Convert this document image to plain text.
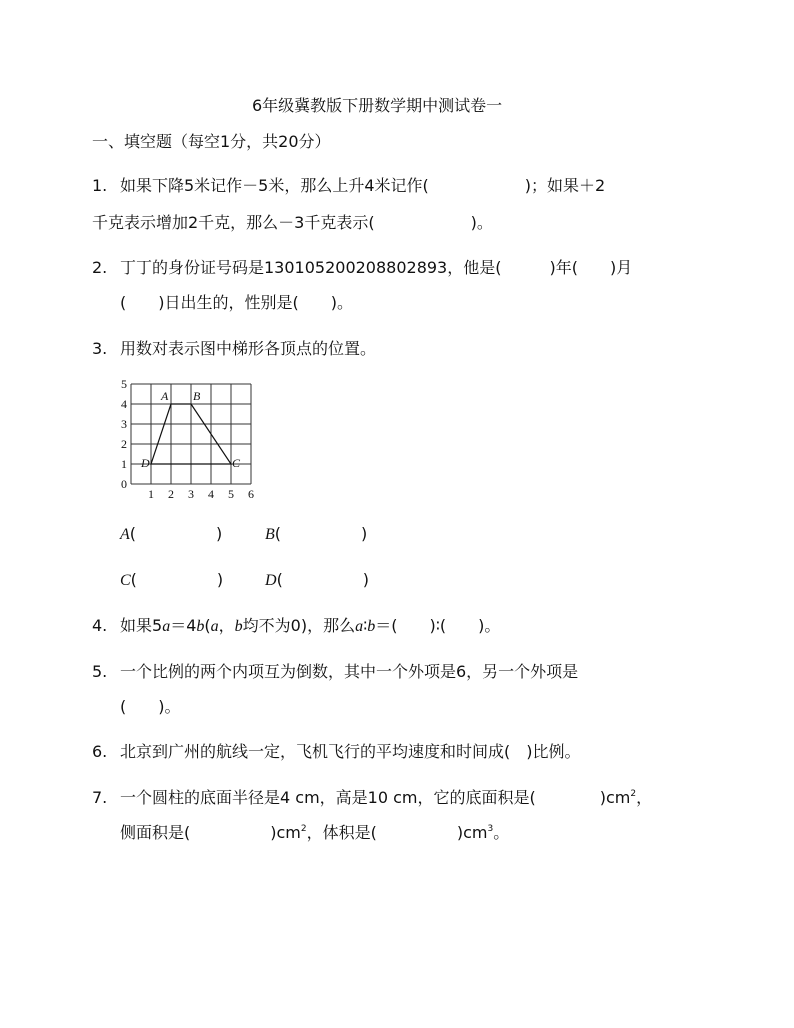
6年级冀教版下册数学期中测试卷一
一、填空题（每空1分，共20分）
1. 如果下降5米记作－5米，那么上升4米记作(　　　　　　)；如果＋2
千克表示增加2千克，那么－3千克表示(　　　　　　)。
2. 丁丁的身份证号码是130105200208802893，他是(　　　)年(　　)月
(　　)日出生的，性别是(　　)。
3. 用数对表示图中梯形各顶点的位置。
1 2 3 4 5 6
0
1
2
3
4
5
A B
C
D
A(　　　　　)	B(　　　　　)
C(　　　　　)	D(　　　　　)
4. 如果5a＝4b(a，b均不为0)，那么a∶b＝(　　)∶(　　)。
5. 一个比例的两个内项互为倒数，其中一个外项是6，另一个外项是
(　　)。
6. 北京到广州的航线一定，飞机飞行的平均速度和时间成(　)比例。
7. 一个圆柱的底面半径是4 cm，高是10 cm，它的底面积是(　　　　)$cm^2$，
侧面积是(　　　　　)$cm^2$，体积是(　　　　　)$cm^3$。
